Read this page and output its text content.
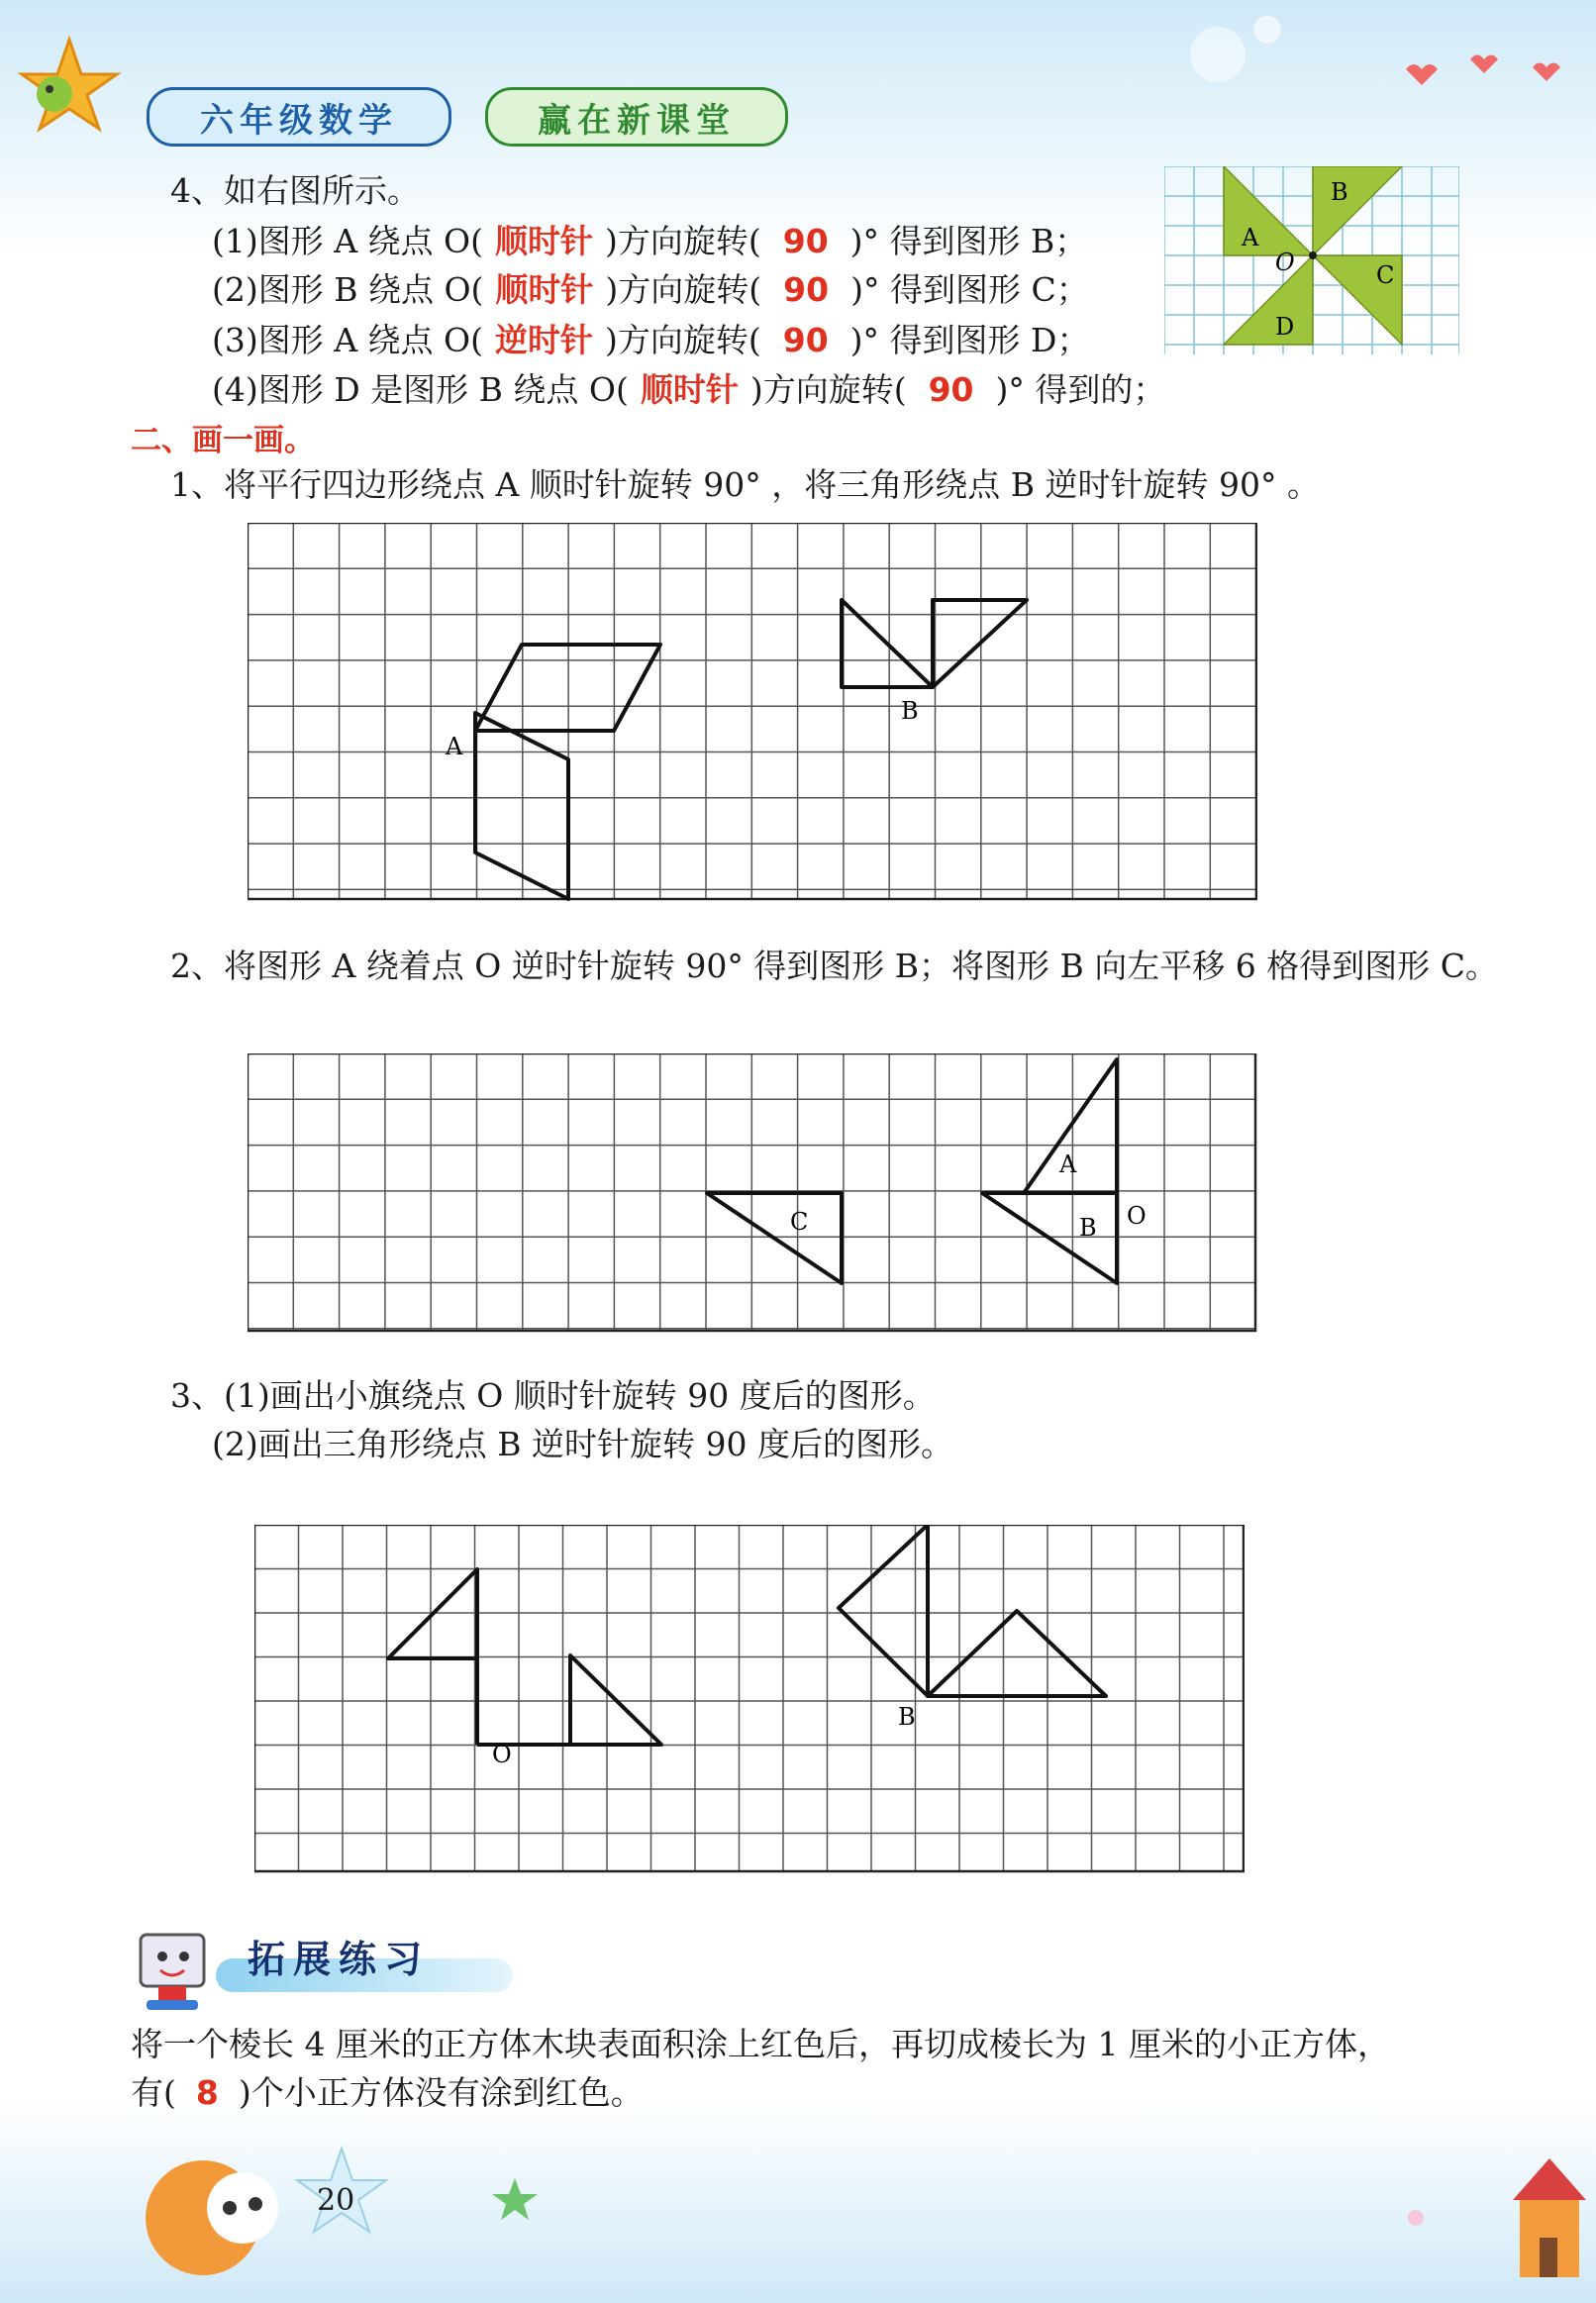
六年级数学	赢在新课堂
4、如右图所示。
(1)图形 A 绕点 O( 顺时针 )方向旋转( 90 )° 得到图形 B；
(2)图形 B 绕点 O( 顺时针 )方向旋转( 90 )° 得到图形 C；
(3)图形 A 绕点 O( 逆时针 )方向旋转( 90 )° 得到图形 D；
(4)图形 D 是图形 B 绕点 O( 顺时针 )方向旋转( 90 )° 得到的；
A
B
C
D
O
二、画一画。
1、将平行四边形绕点 A 顺时针旋转 90° ，将三角形绕点 B 逆时针旋转 90° 。
A
B
2、将图形 A 绕着点 O 逆时针旋转 90° 得到图形 B；将图形 B 向左平移 6 格得到图形 C。
A
B
C	O
3、(1)画出小旗绕点 O 顺时针旋转 90 度后的图形。
(2)画出三角形绕点 B 逆时针旋转 90 度后的图形。
O
B
拓展练习
将一个棱长 4 厘米的正方体木块表面积涂上红色后，再切成棱长为 1 厘米的小正方体，
有( 8 )个小正方体没有涂到红色。
20
